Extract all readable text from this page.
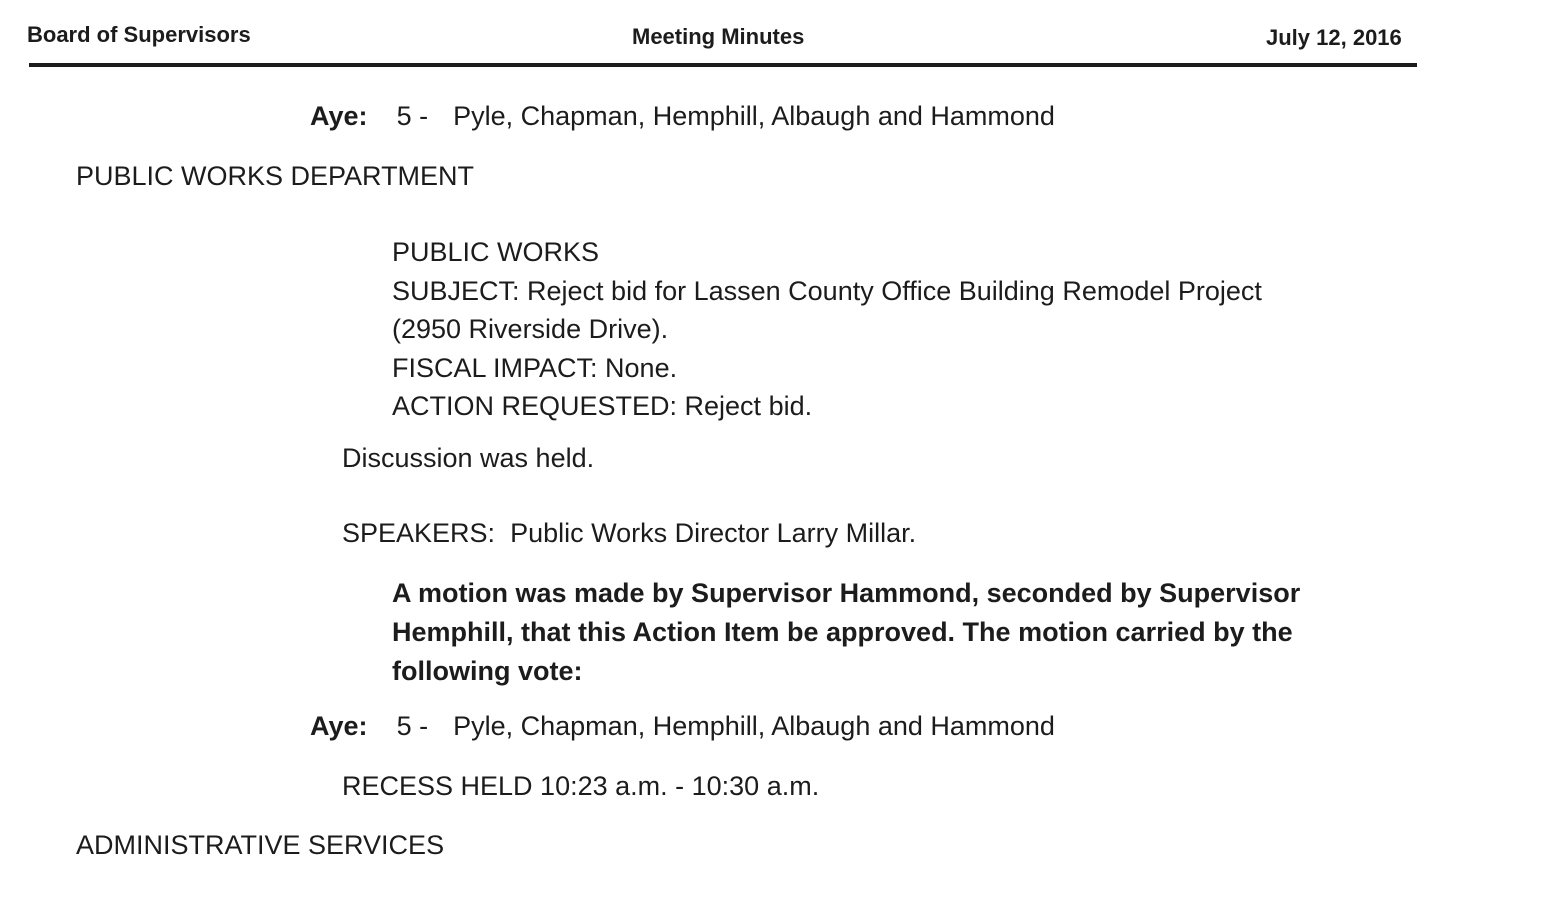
Board of Supervisors	Meeting Minutes	July 12, 2016
Aye: 5 - Pyle, Chapman, Hemphill, Albaugh and Hammond
PUBLIC WORKS DEPARTMENT
PUBLIC WORKS
SUBJECT: Reject bid for Lassen County Office Building Remodel Project
(2950 Riverside Drive).
FISCAL IMPACT: None.
ACTION REQUESTED: Reject bid.
Discussion was held.
SPEAKERS:  Public Works Director Larry Millar.
A motion was made by Supervisor Hammond, seconded by Supervisor
Hemphill, that this Action Item be approved. The motion carried by the
following vote:
Aye: 5 - Pyle, Chapman, Hemphill, Albaugh and Hammond
RECESS HELD 10:23 a.m. - 10:30 a.m.
ADMINISTRATIVE SERVICES
